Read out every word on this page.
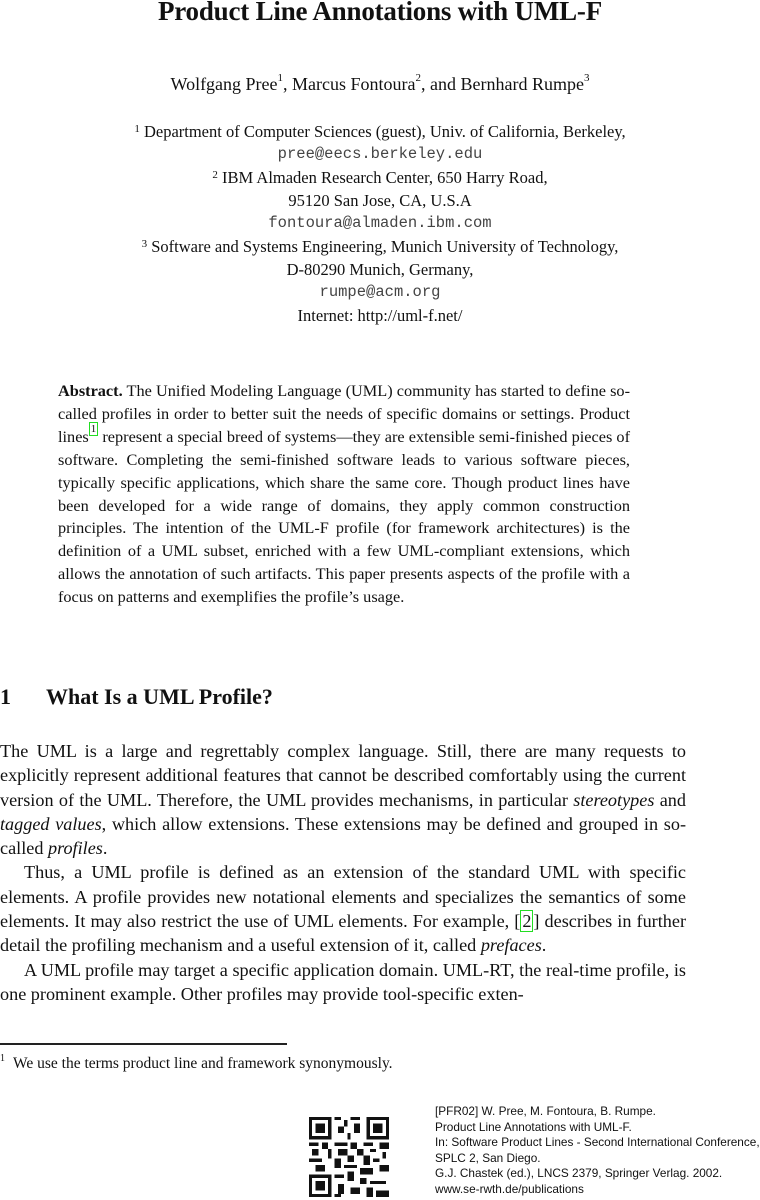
Product Line Annotations with UML-F
Wolfgang Pree$^1$, Marcus Fontoura$^2$, and Bernhard Rumpe$^3$
$^1$ Department of Computer Sciences (guest), Univ. of California, Berkeley,
pree@eecs.berkeley.edu
$^2$ IBM Almaden Research Center, 650 Harry Road,
95120 San Jose, CA, U.S.A
fontoura@almaden.ibm.com
$^3$ Software and Systems Engineering, Munich University of Technology,
D-80290 Munich, Germany,
rumpe@acm.org
Internet: http://uml-f.net/
Abstract. The Unified Modeling Language (UML) community has started to define so-called profiles in order to better suit the needs of specific domains or settings. Product lines $^1$ represent a special breed of systems—they are extensible semi-finished pieces of software. Completing the semi-finished software leads to various software pieces, typically specific applications, which share the same core. Though product lines have been developed for a wide range of domains, they apply common construction principles. The intention of the UML-F profile (for framework architectures) is the definition of a UML subset, enriched with a few UML-compliant extensions, which allows the annotation of such artifacts. This paper presents aspects of the profile with a focus on patterns and exemplifies the profile’s usage.
1 What Is a UML Profile?

The UML is a large and regrettably complex language. Still, there are many requests to explicitly represent additional features that cannot be described comfortably using the current version of the UML. Therefore, the UML provides mechanisms, in particular stereotypes and tagged values, which allow extensions. These extensions may be defined and grouped in so-called profiles.

Thus, a UML profile is defined as an extension of the standard UML with specific elements. A profile provides new notational elements and specializes the semantics of some elements. It may also restrict the use of UML elements. For example, [ 2 ] describes in further detail the profiling mechanism and a useful extension of it, called prefaces.

A UML profile may target a specific application domain. UML-RT, the real-time profile, is one prominent example. Other profiles may provide tool-specific exten-

$^1$ We use the terms product line and framework synonymously.
[PFR02] W. Pree, M. Fontoura, B. Rumpe.
Product Line Annotations with UML-F.
In: Software Product Lines - Second International Conference,
SPLC 2, San Diego.
G.J. Chastek (ed.), LNCS 2379, Springer Verlag. 2002.
www.se-rwth.de/publications
